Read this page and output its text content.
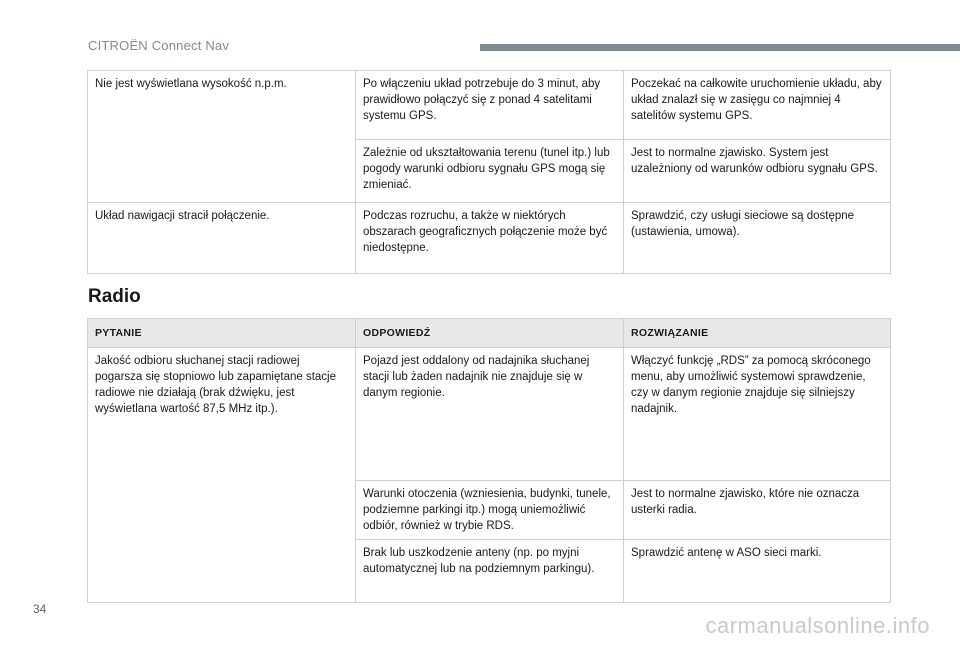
CITROËN Connect Nav
Nie jest wyświetlana wysokość n.p.m.	Po włączeniu układ potrzebuje do 3 minut, aby prawidłowo połączyć się z ponad 4 satelitami systemu GPS.	Poczekać na całkowite uruchomienie układu, aby układ znalazł się w zasięgu co najmniej 4 satelitów systemu GPS.
	Zależnie od ukształtowania terenu (tunel itp.) lub pogody warunki odbioru sygnału GPS mogą się zmieniać.	Jest to normalne zjawisko. System jest uzależniony od warunków odbioru sygnału GPS.
Układ nawigacji stracił połączenie.	Podczas rozruchu, a także w niektórych obszarach geograficznych połączenie może być niedostępne.	Sprawdzić, czy usługi sieciowe są dostępne (ustawienia, umowa).
Radio
PYTANIE	ODPOWIEDŹ	ROZWIĄZANIE
Jakość odbioru słuchanej stacji radiowej pogarsza się stopniowo lub zapamiętane stacje radiowe nie działają (brak dźwięku, jest wyświetlana wartość 87,5 MHz itp.).	Pojazd jest oddalony od nadajnika słuchanej stacji lub żaden nadajnik nie znajduje się w danym regionie.	Włączyć funkcję „RDS” za pomocą skróconego menu, aby umożliwić systemowi sprawdzenie, czy w danym regionie znajduje się silniejszy nadajnik.
	Warunki otoczenia (wzniesienia, budynki, tunele, podziemne parkingi itp.) mogą uniemożliwić odbiór, również w trybie RDS.	Jest to normalne zjawisko, które nie oznacza usterki radia.
	Brak lub uszkodzenie anteny (np. po myjni automatycznej lub na podziemnym parkingu).	Sprawdzić antenę w ASO sieci marki.
34
carmanualsonline.info
